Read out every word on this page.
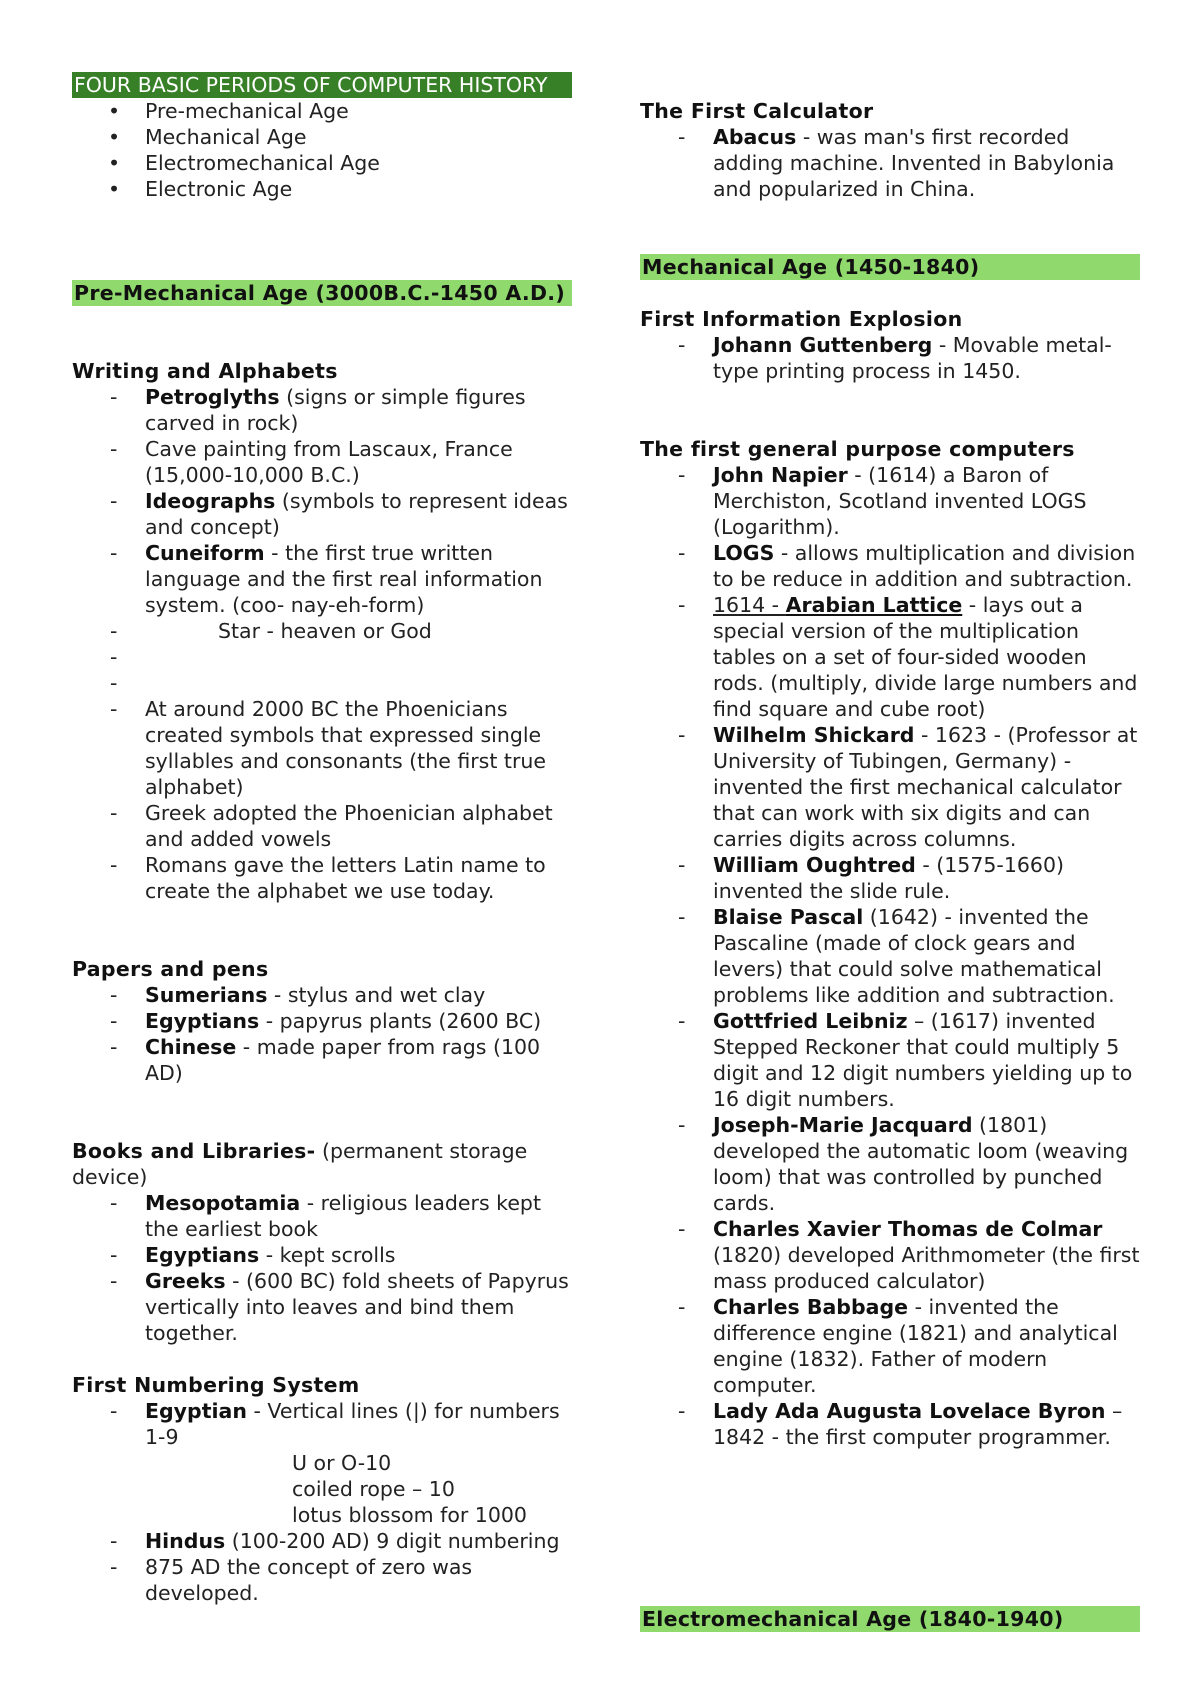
FOUR BASIC PERIODS OF COMPUTER HISTORY
• Pre-mechanical Age
• Mechanical Age
• Electromechanical Age
• Electronic Age
Pre-Mechanical Age (3000B.C.-1450 A.D.)
Writing and Alphabets
- Petroglyths (signs or simple figures carved in rock)
- Cave painting from Lascaux, France (15,000-10,000 B.C.)
- Ideographs (symbols to represent ideas and concept)
- Cuneiform - the first true written language and the first real information system. (coo- nay-eh-form)
- Star - heaven or God
-
-
- At around 2000 BC the Phoenicians created symbols that expressed single syllables and consonants (the first true alphabet)
- Greek adopted the Phoenician alphabet and added vowels
- Romans gave the letters Latin name to create the alphabet we use today.
Papers and pens
- Sumerians - stylus and wet clay
- Egyptians - papyrus plants (2600 BC)
- Chinese - made paper from rags (100 AD)
Books and Libraries- (permanent storage device)
- Mesopotamia - religious leaders kept the earliest book
- Egyptians - kept scrolls
- Greeks - (600 BC) fold sheets of Papyrus vertically into leaves and bind them together.
First Numbering System
- Egyptian - Vertical lines (|) for numbers 1-9
U or O-10
coiled rope – 10
lotus blossom for 1000
- Hindus (100-200 AD) 9 digit numbering
- 875 AD the concept of zero was developed.
The First Calculator
- Abacus - was man's first recorded adding machine. Invented in Babylonia and popularized in China.
Mechanical Age (1450-1840)
First Information Explosion
- Johann Guttenberg - Movable metal- type printing process in 1450.
The first general purpose computers
- John Napier - (1614) a Baron of Merchiston, Scotland invented LOGS (Logarithm).
- LOGS - allows multiplication and division to be reduce in addition and subtraction.
- 1614 - Arabian Lattice - lays out a special version of the multiplication tables on a set of four-sided wooden rods. (multiply, divide large numbers and find square and cube root)
- Wilhelm Shickard - 1623 - (Professor at University of Tubingen, Germany) - invented the first mechanical calculator that can work with six digits and can carries digits across columns.
- William Oughtred - (1575-1660) invented the slide rule.
- Blaise Pascal (1642) - invented the Pascaline (made of clock gears and levers) that could solve mathematical problems like addition and subtraction.
- Gottfried Leibniz – (1617) invented Stepped Reckoner that could multiply 5 digit and 12 digit numbers yielding up to 16 digit numbers.
- Joseph-Marie Jacquard (1801) developed the automatic loom (weaving loom) that was controlled by punched cards.
- Charles Xavier Thomas de Colmar (1820) developed Arithmometer (the first mass produced calculator)
- Charles Babbage - invented the difference engine (1821) and analytical engine (1832). Father of modern computer.
- Lady Ada Augusta Lovelace Byron – 1842 - the first computer programmer.
Electromechanical Age (1840-1940)
